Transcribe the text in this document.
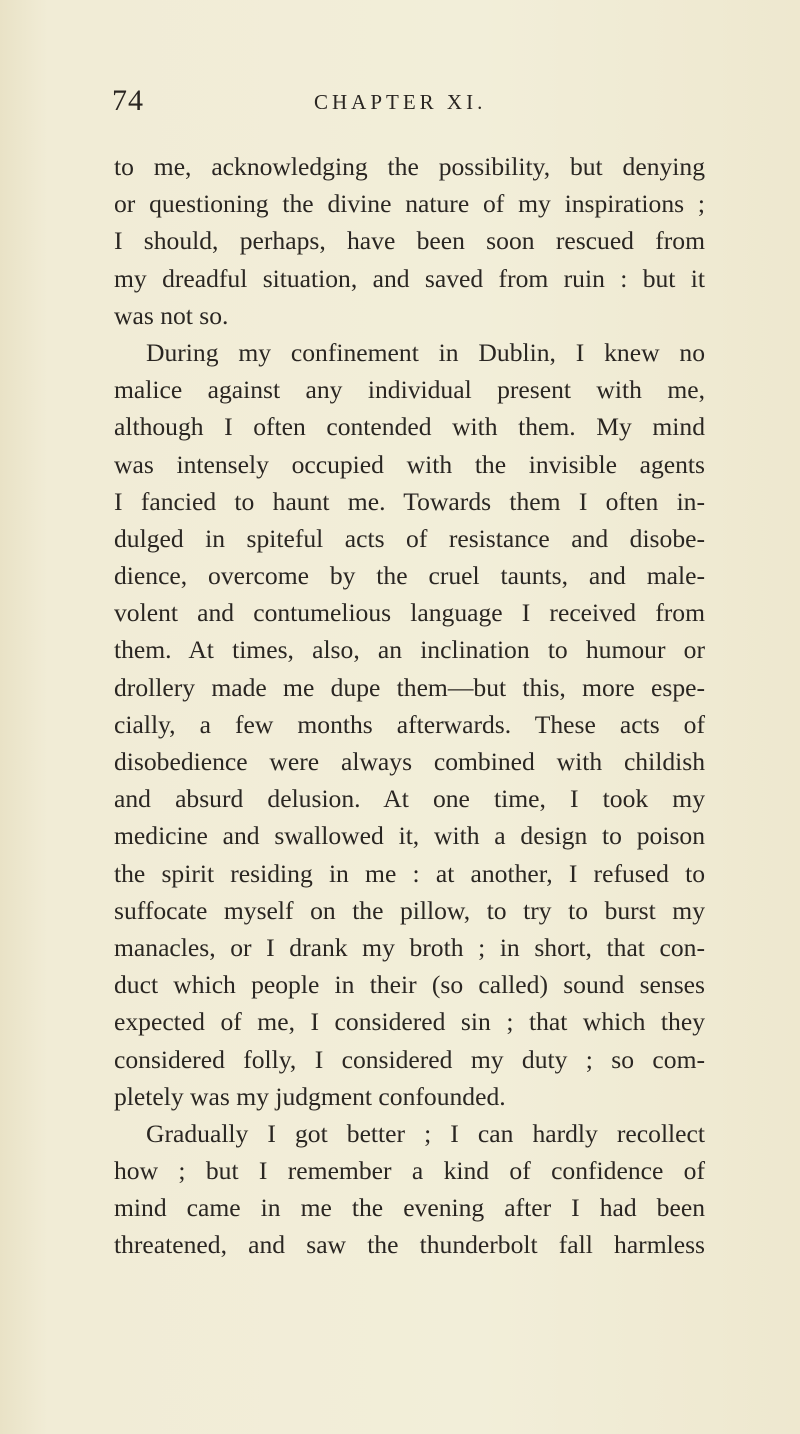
74	CHAPTER XI.
to me, acknowledging the possibility, but denying
or questioning the divine nature of my inspirations ;
I should, perhaps, have been soon rescued from
my dreadful situation, and saved from ruin : but it
was not so.
During my confinement in Dublin, I knew no
malice against any individual present with me,
although I often contended with them. My mind
was intensely occupied with the invisible agents
I fancied to haunt me. Towards them I often in-
dulged in spiteful acts of resistance and disobe-
dience, overcome by the cruel taunts, and male-
volent and contumelious language I received from
them. At times, also, an inclination to humour or
drollery made me dupe them—but this, more espe-
cially, a few months afterwards. These acts of
disobedience were always combined with childish
and absurd delusion. At one time, I took my
medicine and swallowed it, with a design to poison
the spirit residing in me : at another, I refused to
suffocate myself on the pillow, to try to burst my
manacles, or I drank my broth ; in short, that con-
duct which people in their (so called) sound senses
expected of me, I considered sin ; that which they
considered folly, I considered my duty ; so com-
pletely was my judgment confounded.
Gradually I got better ; I can hardly recollect
how ; but I remember a kind of confidence of
mind came in me the evening after I had been
threatened, and saw the thunderbolt fall harmless
